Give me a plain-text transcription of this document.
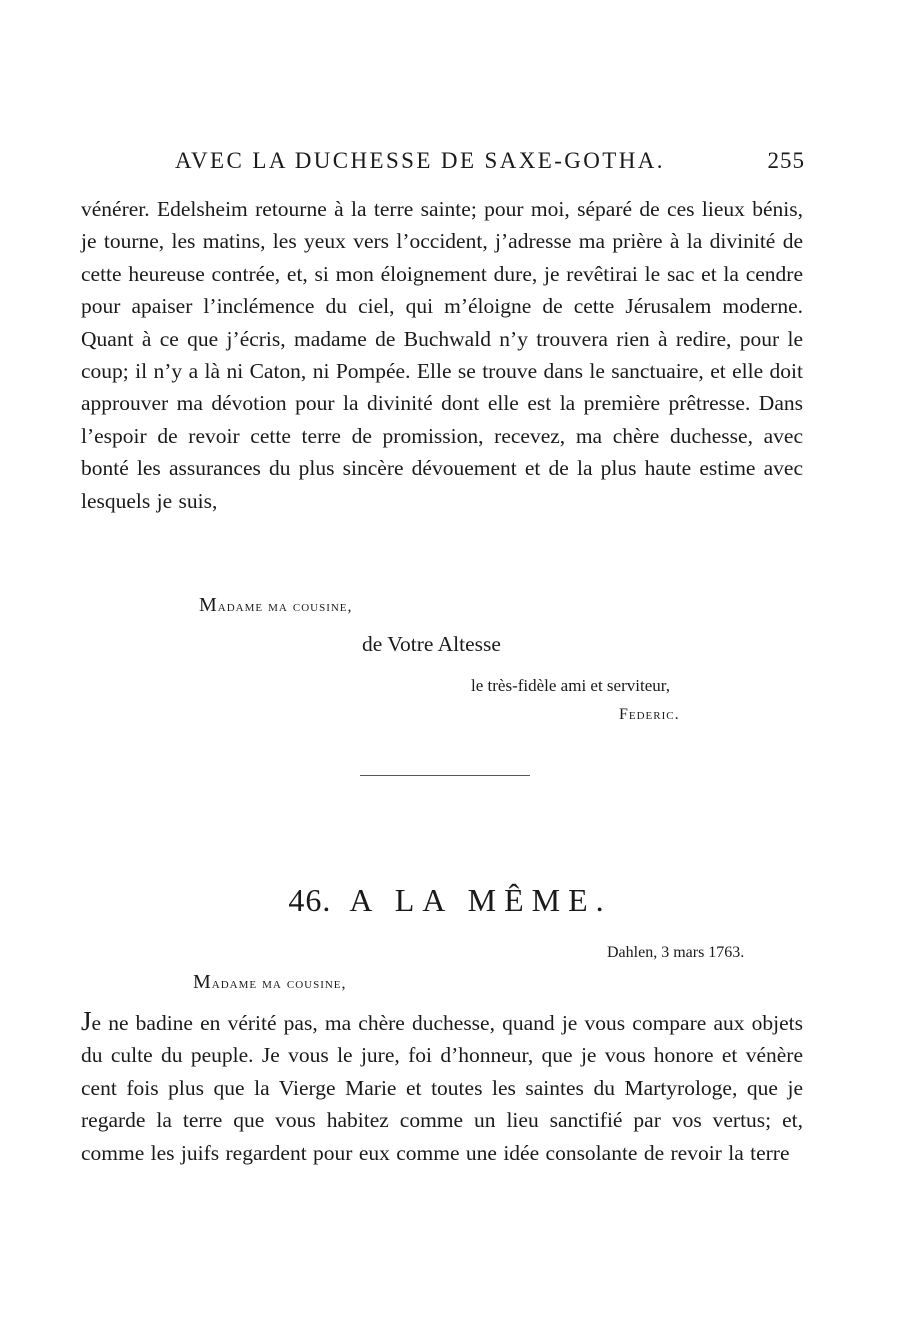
AVEC LA DUCHESSE DE SAXE-GOTHA.	255
vénérer. Edelsheim retourne à la terre sainte; pour moi, séparé de ces lieux bénis, je tourne, les matins, les yeux vers l’occident, j’adresse ma prière à la divinité de cette heureuse contrée, et, si mon éloignement dure, je revêtirai le sac et la cendre pour apaiser l’inclémence du ciel, qui m’éloigne de cette Jérusalem moderne. Quant à ce que j’écris, madame de Buchwald n’y trouvera rien à redire, pour le coup; il n’y a là ni Caton, ni Pompée. Elle se trouve dans le sanctuaire, et elle doit approuver ma dévotion pour la divinité dont elle est la première prêtresse. Dans l’espoir de revoir cette terre de promission, recevez, ma chère duchesse, avec bonté les assurances du plus sincère dévouement et de la plus haute estime avec lesquels je suis,
Madame ma cousine,
de Votre Altesse
le très-fidèle ami et serviteur,
Federic.
46. A LA MÊME.
Dahlen, 3 mars 1763.
Madame ma cousine,
Je ne badine en vérité pas, ma chère duchesse, quand je vous compare aux objets du culte du peuple. Je vous le jure, foi d’honneur, que je vous honore et vénère cent fois plus que la Vierge Marie et toutes les saintes du Martyrologe, que je regarde la terre que vous habitez comme un lieu sanctifié par vos vertus; et, comme les juifs regardent pour eux comme une idée consolante de revoir la terre
